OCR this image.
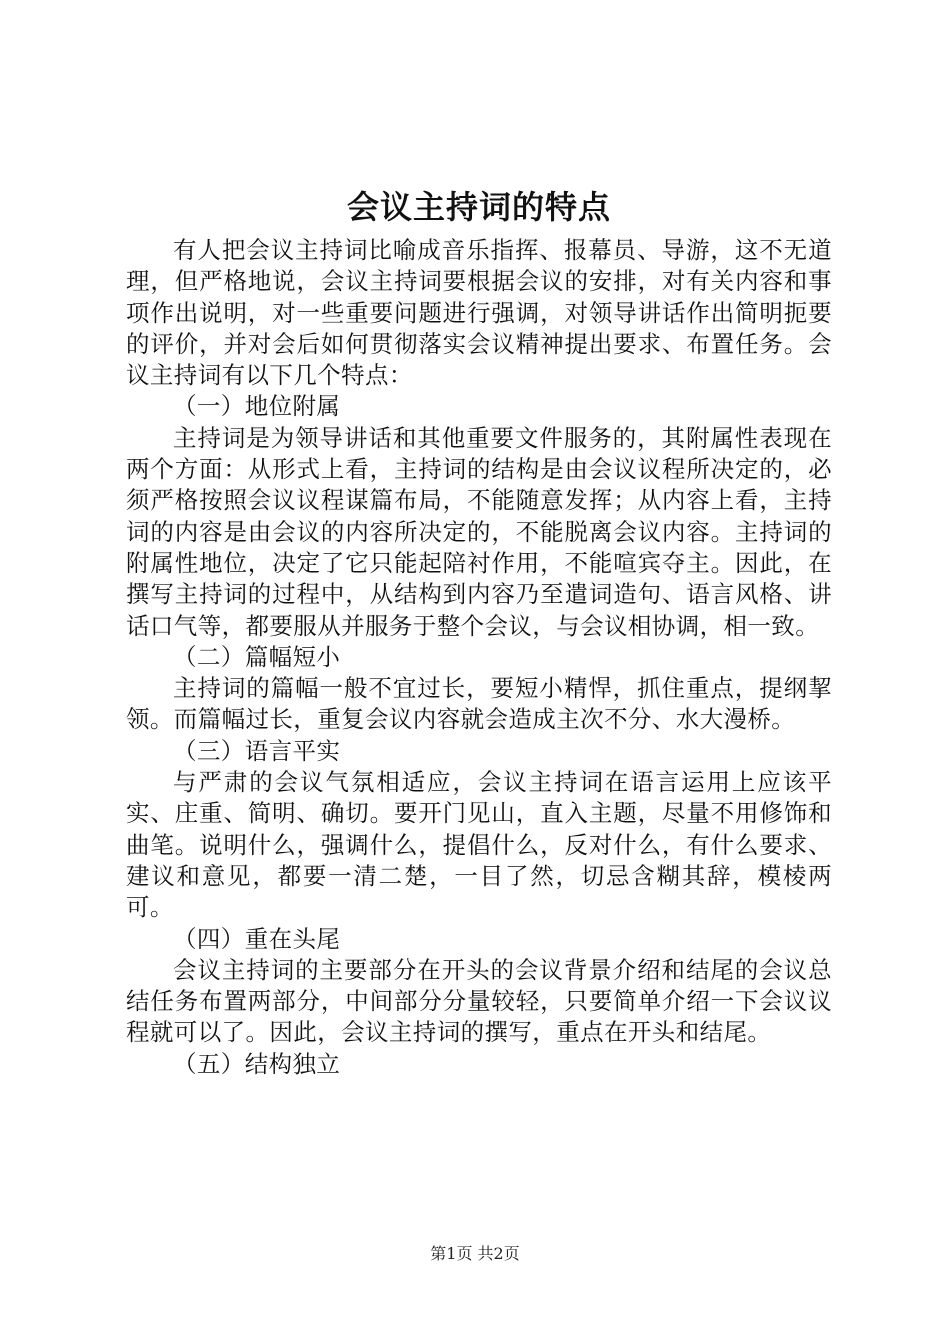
会议主持词的特点

有人把会议主持词比喻成音乐指挥、报幕员、导游，这不无道理，但严格地说，会议主持词要根据会议的安排，对有关内容和事项作出说明，对一些重要问题进行强调，对领导讲话作出简明扼要的评价，并对会后如何贯彻落实会议精神提出要求、布置任务。会议主持词有以下几个特点：

（一）地位附属

主持词是为领导讲话和其他重要文件服务的，其附属性表现在两个方面：从形式上看，主持词的结构是由会议议程所决定的，必须严格按照会议议程谋篇布局，不能随意发挥；从内容上看，主持词的内容是由会议的内容所决定的，不能脱离会议内容。主持词的附属性地位，决定了它只能起陪衬作用，不能喧宾夺主。因此，在撰写主持词的过程中，从结构到内容乃至遣词造句、语言风格、讲话口气等，都要服从并服务于整个会议，与会议相协调，相一致。

（二）篇幅短小

主持词的篇幅一般不宜过长，要短小精悍，抓住重点，提纲挈领。而篇幅过长，重复会议内容就会造成主次不分、水大漫桥。

（三）语言平实

与严肃的会议气氛相适应，会议主持词在语言运用上应该平实、庄重、简明、确切。要开门见山，直入主题，尽量不用修饰和曲笔。说明什么，强调什么，提倡什么，反对什么，有什么要求、建议和意见，都要一清二楚，一目了然，切忌含糊其辞，模棱两可。

（四）重在头尾

会议主持词的主要部分在开头的会议背景介绍和结尾的会议总结任务布置两部分，中间部分分量较轻，只要简单介绍一下会议议程就可以了。因此，会议主持词的撰写，重点在开头和结尾。

（五）结构独立

第1页 共2页
